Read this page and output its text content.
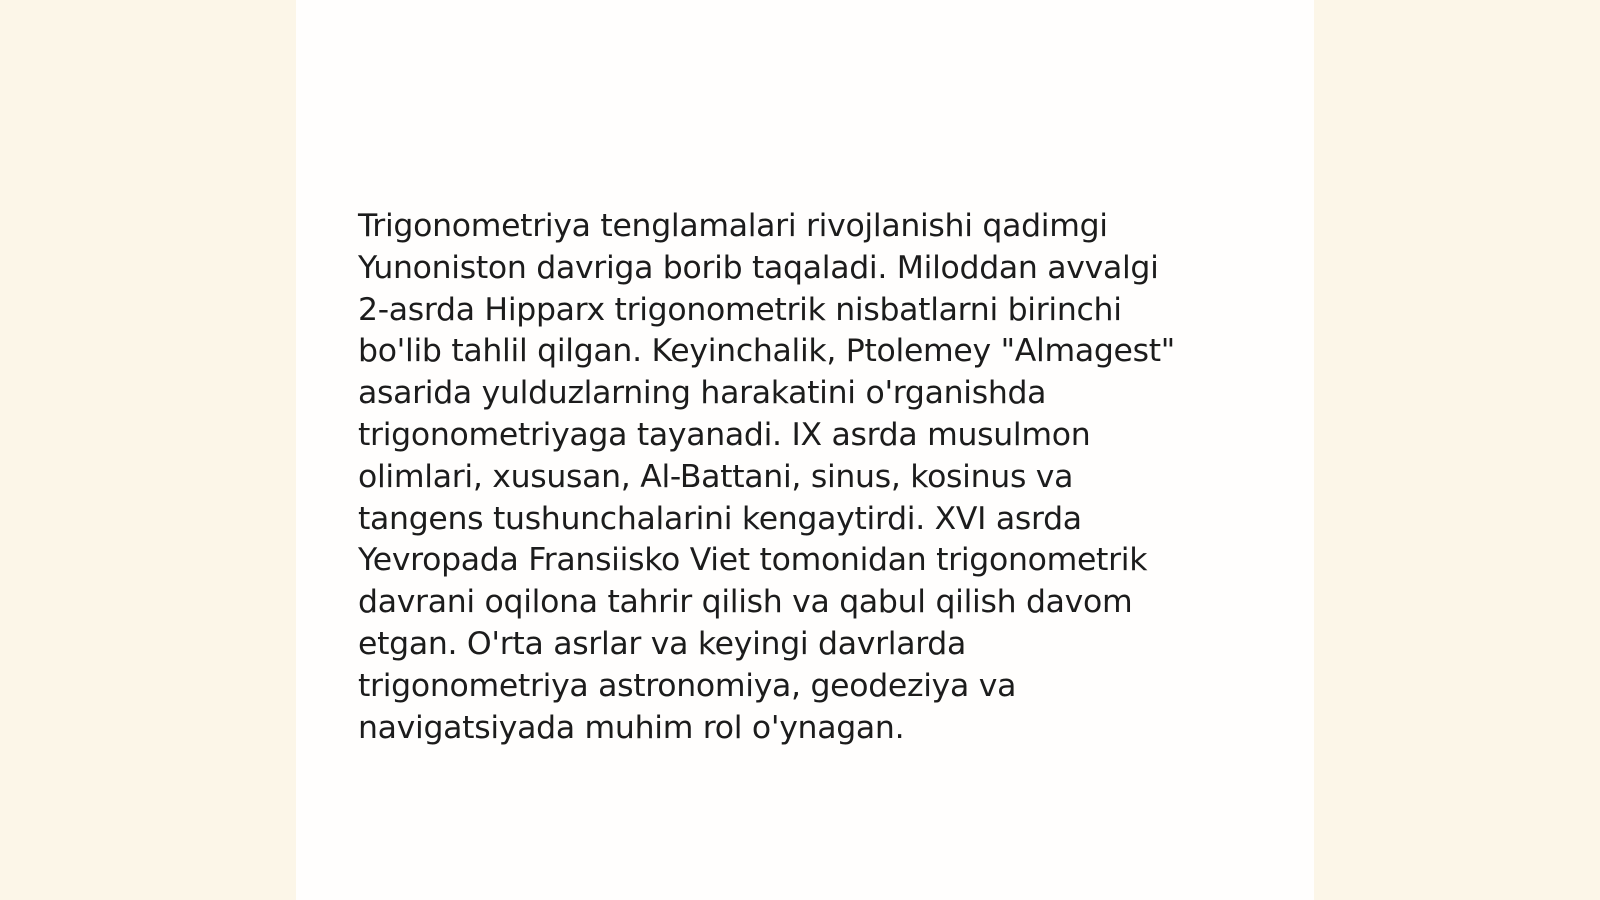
Trigonometriya tenglamalari rivojlanishi qadimgi
Yunoniston davriga borib taqaladi. Miloddan avvalgi
2-asrda Hipparx trigonometrik nisbatlarni birinchi
bo'lib tahlil qilgan. Keyinchalik, Ptolemey "Almagest"
asarida yulduzlarning harakatini o'rganishda
trigonometriyaga tayanadi. IX asrda musulmon
olimlari, xususan, Al-Battani, sinus, kosinus va
tangens tushunchalarini kengaytirdi. XVI asrda
Yevropada Fransiisko Viet tomonidan trigonometrik
davrani oqilona tahrir qilish va qabul qilish davom
etgan. O'rta asrlar va keyingi davrlarda
trigonometriya astronomiya, geodeziya va
navigatsiyada muhim rol o'ynagan.
